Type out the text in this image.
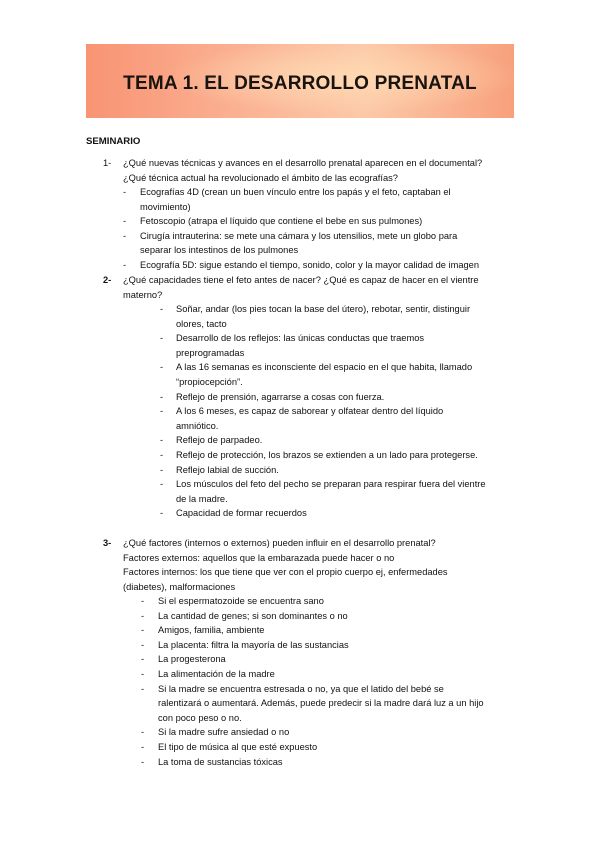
TEMA 1. EL DESARROLLO PRENATAL
SEMINARIO
1- ¿Qué nuevas técnicas y avances en el desarrollo prenatal aparecen en el documental?
¿Qué técnica actual ha revolucionado el ámbito de las ecografías?
- Ecografías 4D (crean un buen vínculo entre los papás y el feto, captaban el
movimiento)
- Fetoscopio (atrapa el líquido que contiene el bebe en sus pulmones)
- Cirugía intrauterina: se mete una cámara y los utensilios, mete un globo para
separar los intestinos de los pulmones
- Ecografía 5D: sigue estando el tiempo, sonido, color y la mayor calidad de imagen
2- ¿Qué capacidades tiene el feto antes de nacer? ¿Qué es capaz de hacer en el vientre
materno?
- Soñar, andar (los pies tocan la base del útero), rebotar, sentir, distinguir
olores, tacto
- Desarrollo de los reflejos: las únicas conductas que traemos
preprogramadas
- A las 16 semanas es inconsciente del espacio en el que habita, llamado
“propiocepción”.
- Reflejo de prensión, agarrarse a cosas con fuerza.
- A los 6 meses, es capaz de saborear y olfatear dentro del líquido
amniótico.
- Reflejo de parpadeo.
- Reflejo de protección, los brazos se extienden a un lado para protegerse.
- Reflejo labial de succión.
- Los músculos del feto del pecho se preparan para respirar fuera del vientre
de la madre.
- Capacidad de formar recuerdos
3- ¿Qué factores (internos o externos) pueden influir en el desarrollo prenatal?
Factores externos: aquellos que la embarazada puede hacer o no
Factores internos: los que tiene que ver con el propio cuerpo ej, enfermedades
(diabetes), malformaciones
- Si el espermatozoide se encuentra sano
- La cantidad de genes; si son dominantes o no
- Amigos, familia, ambiente
- La placenta: filtra la mayoría de las sustancias
- La progesterona
- La alimentación de la madre
- Si la madre se encuentra estresada o no, ya que el latido del bebé se
ralentizará o aumentará. Además, puede predecir si la madre dará luz a un hijo
con poco peso o no.
- Si la madre sufre ansiedad o no
- El tipo de música al que esté expuesto
- La toma de sustancias tóxicas
